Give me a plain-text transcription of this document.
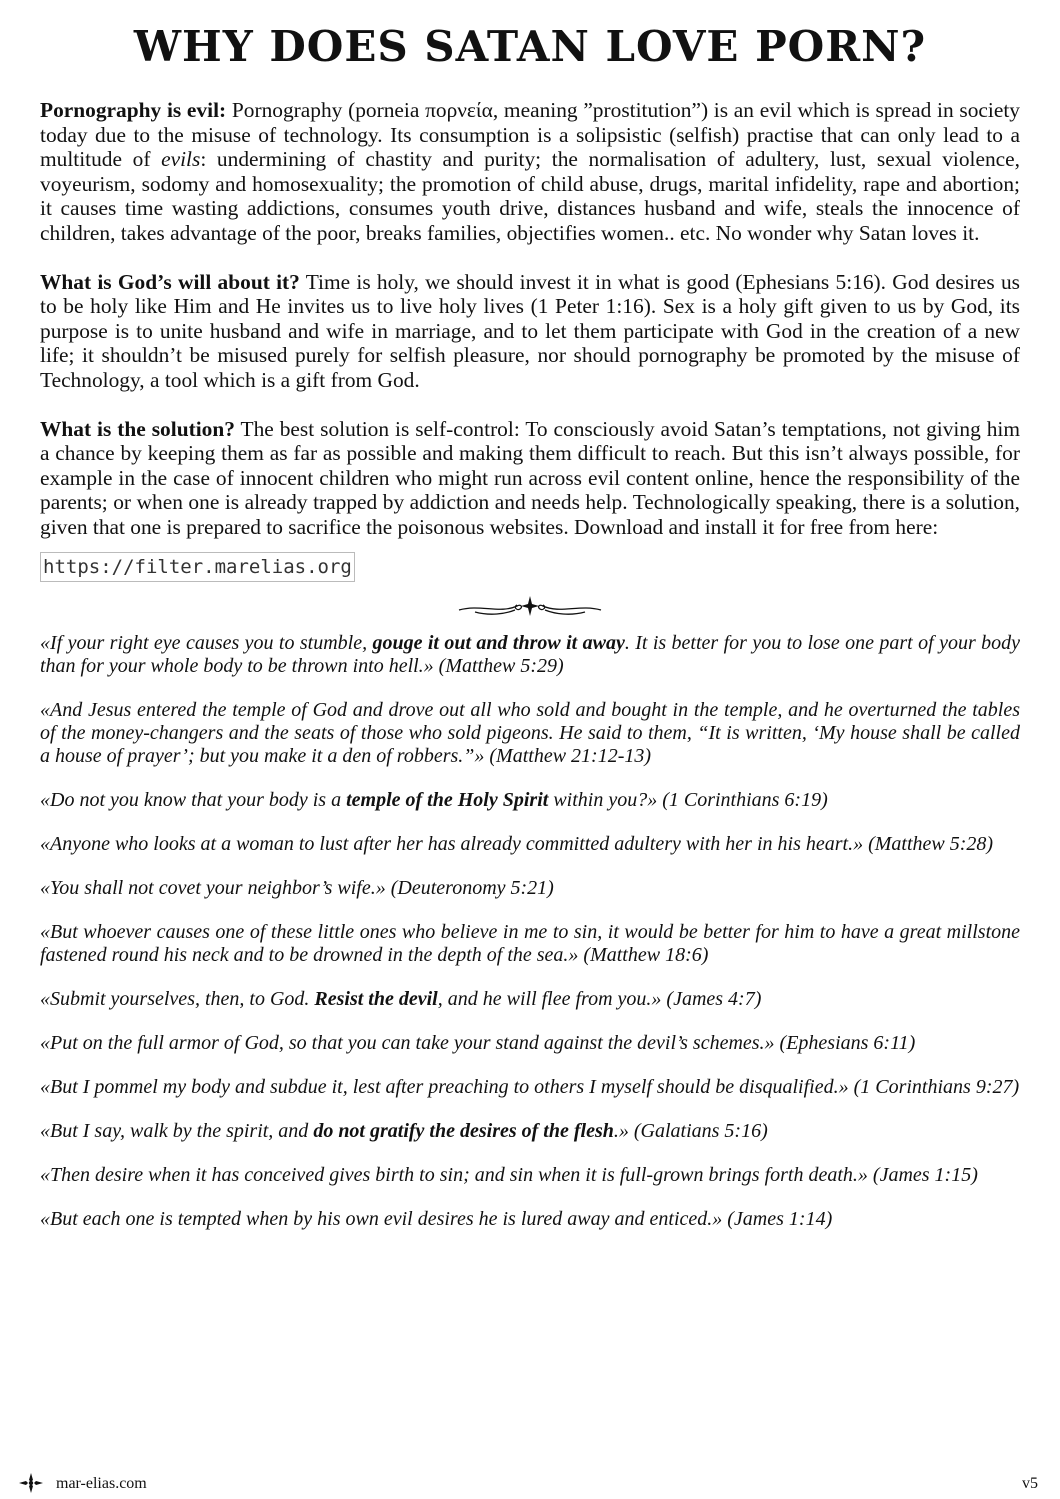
WHY DOES SATAN LOVE PORN?

Pornography is evil: Pornography (porneia πορνεία, meaning ”prostitution”) is an evil which is spread in society today due to the misuse of technology. Its consumption is a solipsistic (selfish) practise that can only lead to a multitude of evils: undermining of chastity and purity; the normalisation of adultery, lust, sexual violence, voyeurism, sodomy and homosexuality; the promotion of child abuse, drugs, marital infidelity, rape and abortion; it causes time wasting addictions, consumes youth drive, distances husband and wife, steals the innocence of children, takes advantage of the poor, breaks families, objectifies women.. etc. No wonder why Satan loves it.

What is God’s will about it? Time is holy, we should invest it in what is good (Ephesians 5:16). God desires us to be holy like Him and He invites us to live holy lives (1 Peter 1:16). Sex is a holy gift given to us by God, its purpose is to unite husband and wife in marriage, and to let them participate with God in the creation of a new life; it shouldn’t be misused purely for selfish pleasure, nor should pornography be promoted by the misuse of Technology, a tool which is a gift from God.

What is the solution? The best solution is self-control: To consciously avoid Satan’s temptations, not giving him a chance by keeping them as far as possible and making them difficult to reach. But this isn’t always possible, for example in the case of innocent children who might run across evil content online, hence the responsibility of the parents; or when one is already trapped by addiction and needs help. Technologically speaking, there is a solution, given that one is prepared to sacrifice the poisonous websites. Download and install it for free from here:

https://filter.marelias.org

«If your right eye causes you to stumble, gouge it out and throw it away. It is better for you to lose one part of your body than for your whole body to be thrown into hell.» (Matthew 5:29)

«And Jesus entered the temple of God and drove out all who sold and bought in the temple, and he overturned the tables of the money-changers and the seats of those who sold pigeons. He said to them, “It is written, ‘My house shall be called a house of prayer’; but you make it a den of robbers.”» (Matthew 21:12-13)

«Do not you know that your body is a temple of the Holy Spirit within you?» (1 Corinthians 6:19)

«Anyone who looks at a woman to lust after her has already committed adultery with her in his heart.» (Matthew 5:28)

«You shall not covet your neighbor’s wife.» (Deuteronomy 5:21)

«But whoever causes one of these little ones who believe in me to sin, it would be better for him to have a great millstone fastened round his neck and to be drowned in the depth of the sea.» (Matthew 18:6)

«Submit yourselves, then, to God. Resist the devil, and he will flee from you.» (James 4:7)

«Put on the full armor of God, so that you can take your stand against the devil’s schemes.» (Ephesians 6:11)

«But I pommel my body and subdue it, lest after preaching to others I myself should be disqualified.» (1 Corinthians 9:27)

«But I say, walk by the spirit, and do not gratify the desires of the flesh.» (Galatians 5:16)

«Then desire when it has conceived gives birth to sin; and sin when it is full-grown brings forth death.» (James 1:15)

«But each one is tempted when by his own evil desires he is lured away and enticed.» (James 1:14)

mar-elias.com	v5
